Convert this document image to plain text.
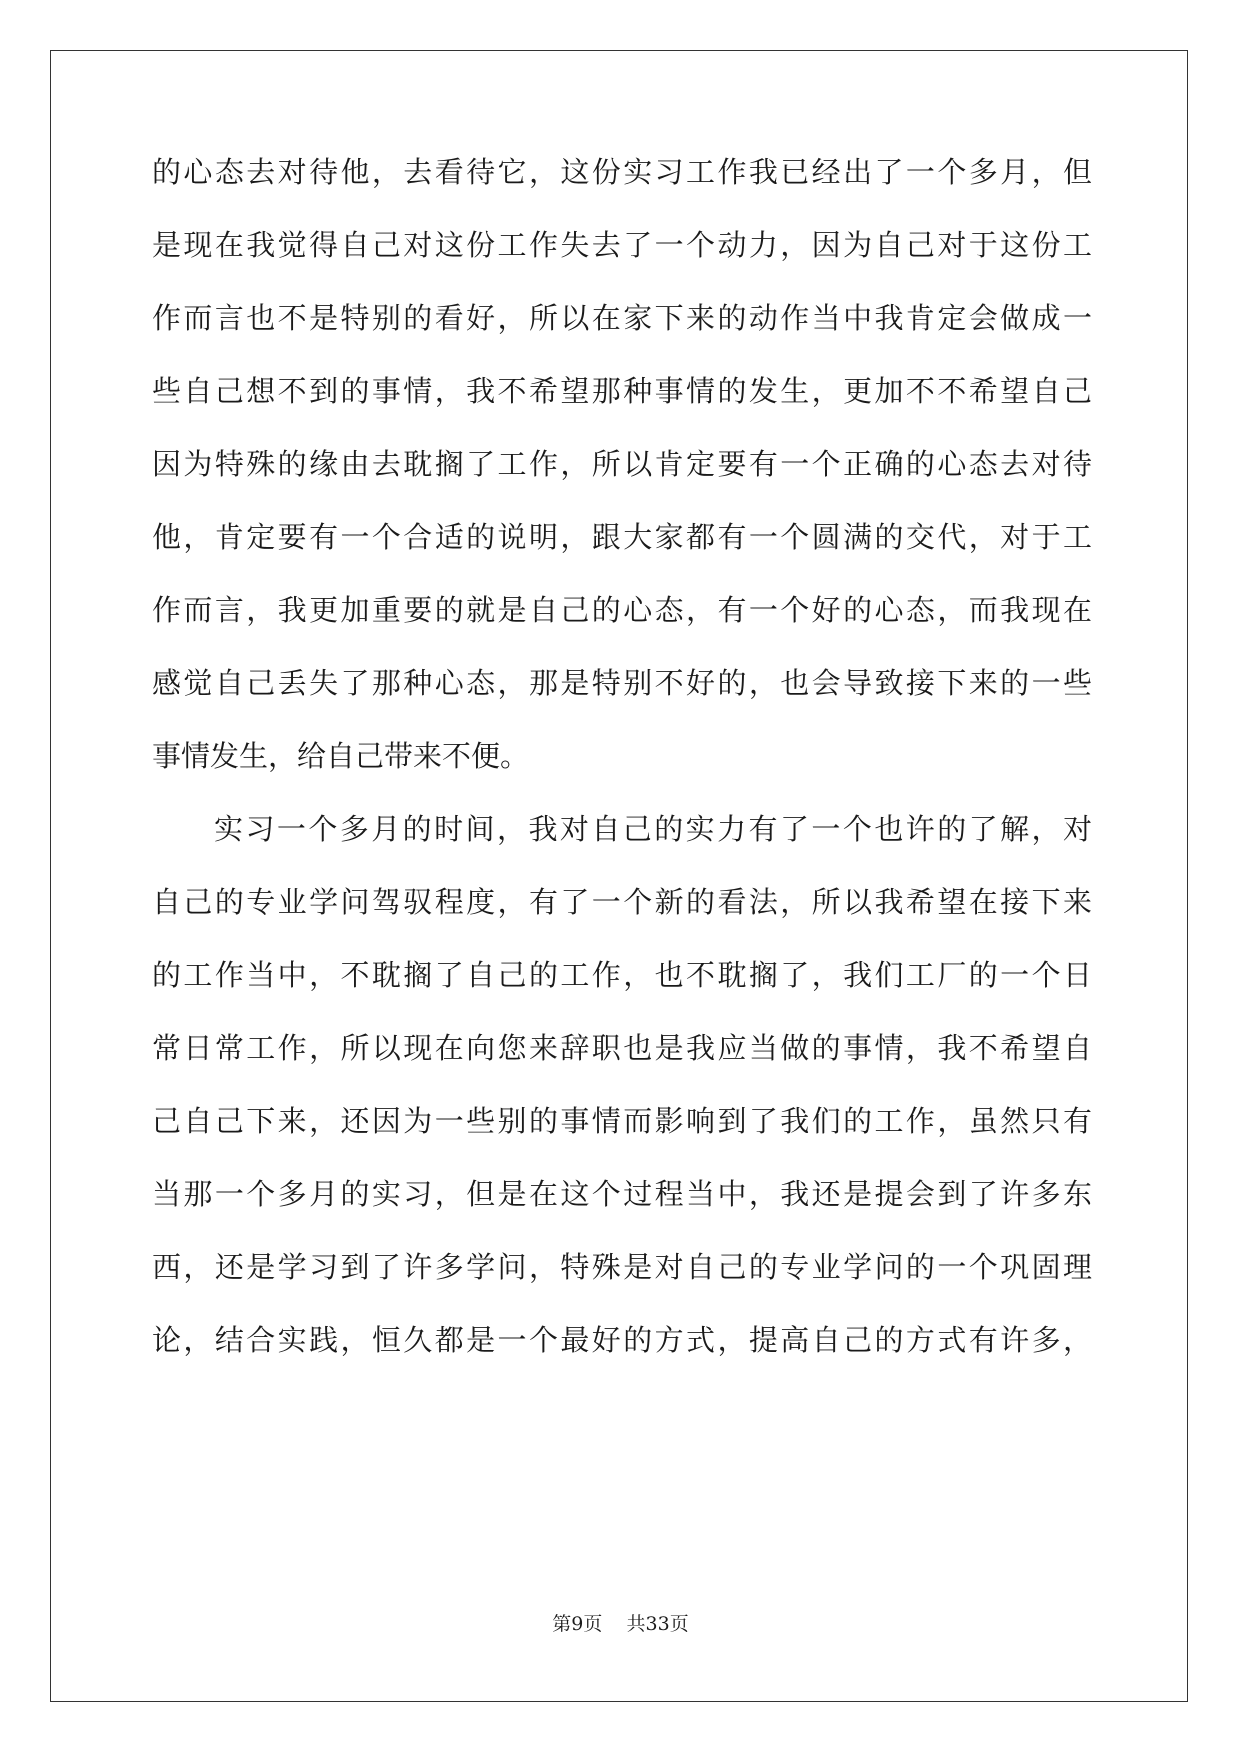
的心态去对待他，去看待它，这份实习工作我已经出了一个多月，但
是现在我觉得自己对这份工作失去了一个动力，因为自己对于这份工
作而言也不是特别的看好，所以在家下来的动作当中我肯定会做成一
些自己想不到的事情，我不希望那种事情的发生，更加不不希望自己
因为特殊的缘由去耽搁了工作，所以肯定要有一个正确的心态去对待
他，肯定要有一个合适的说明，跟大家都有一个圆满的交代，对于工
作而言，我更加重要的就是自己的心态，有一个好的心态，而我现在
感觉自己丢失了那种心态，那是特别不好的，也会导致接下来的一些
事情发生，给自己带来不便。
实习一个多月的时间，我对自己的实力有了一个也许的了解，对
自己的专业学问驾驭程度，有了一个新的看法，所以我希望在接下来
的工作当中，不耽搁了自己的工作，也不耽搁了，我们工厂的一个日
常日常工作，所以现在向您来辞职也是我应当做的事情，我不希望自
己自己下来，还因为一些别的事情而影响到了我们的工作，虽然只有
当那一个多月的实习，但是在这个过程当中，我还是提会到了许多东
西，还是学习到了许多学问，特殊是对自己的专业学问的一个巩固理
论，结合实践，恒久都是一个最好的方式，提高自己的方式有许多，
第9页 共33页
